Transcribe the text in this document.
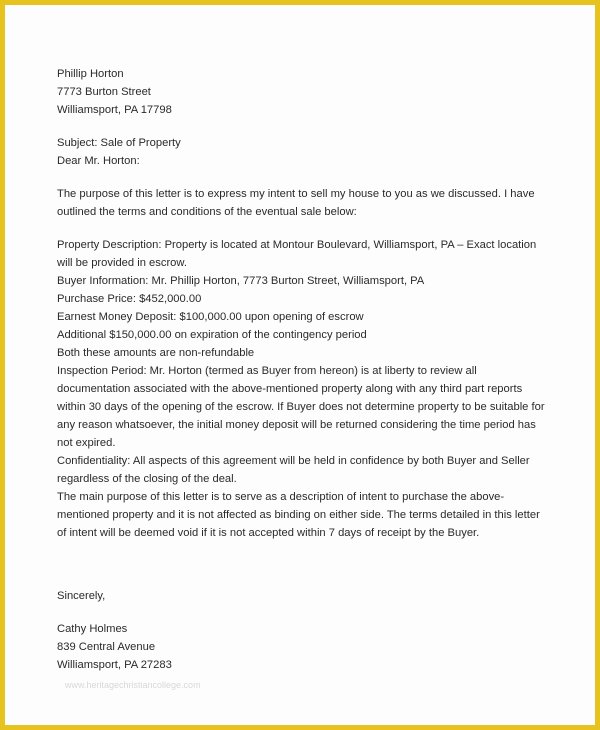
Phillip Horton
7773 Burton Street
Williamsport, PA 17798
Subject: Sale of Property
Dear Mr. Horton:
The purpose of this letter is to express my intent to sell my house to you as we discussed. I have outlined the terms and conditions of the eventual sale below:
Property Description: Property is located at Montour Boulevard, Williamsport, PA – Exact location will be provided in escrow.
Buyer Information: Mr. Phillip Horton, 7773 Burton Street, Williamsport, PA
Purchase Price: $452,000.00
Earnest Money Deposit: $100,000.00 upon opening of escrow
Additional $150,000.00 on expiration of the contingency period
Both these amounts are non-refundable
Inspection Period: Mr. Horton (termed as Buyer from hereon) is at liberty to review all documentation associated with the above-mentioned property along with any third part reports within 30 days of the opening of the escrow. If Buyer does not determine property to be suitable for any reason whatsoever, the initial money deposit will be returned considering the time period has not expired.
Confidentiality: All aspects of this agreement will be held in confidence by both Buyer and Seller regardless of the closing of the deal.
The main purpose of this letter is to serve as a description of intent to purchase the above-mentioned property and it is not affected as binding on either side. The terms detailed in this letter of intent will be deemed void if it is not accepted within 7 days of receipt by the Buyer.
Sincerely,
Cathy Holmes
839 Central Avenue
Williamsport, PA 27283
www.heritagechristiancollege.com
